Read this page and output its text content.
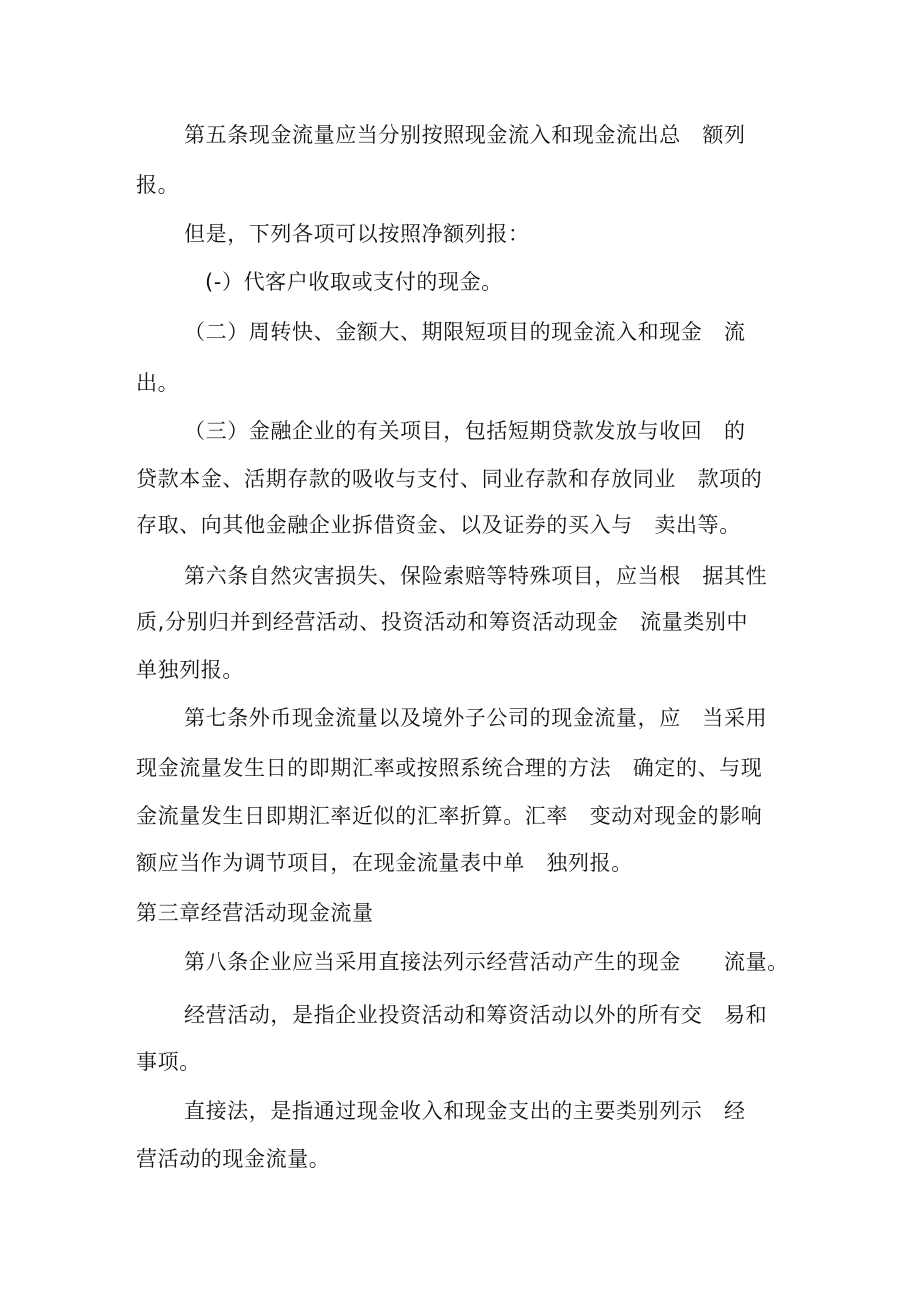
第五条现金流量应当分别按照现金流入和现金流出总　额列
报。
但是，下列各项可以按照净额列报：
(-）代客户收取或支付的现金。
（二）周转快、金额大、期限短项目的现金流入和现金　流
出。
（三）金融企业的有关项目，包括短期贷款发放与收回　的
贷款本金、活期存款的吸收与支付、同业存款和存放同业　款项的
存取、向其他金融企业拆借资金、以及证券的买入与　卖出等。
第六条自然灾害损失、保险索赔等特殊项目，应当根　据其性
质,分别归并到经营活动、投资活动和筹资活动现金　流量类别中
单独列报。
第七条外币现金流量以及境外子公司的现金流量，应　当采用
现金流量发生日的即期汇率或按照系统合理的方法　确定的、与现
金流量发生日即期汇率近似的汇率折算。汇率　变动对现金的影响
额应当作为调节项目，在现金流量表中单　独列报。
第三章经营活动现金流量
第八条企业应当采用直接法列示经营活动产生的现金　　流量。
经营活动，是指企业投资活动和筹资活动以外的所有交　易和
事项。
直接法，是指通过现金收入和现金支出的主要类别列示　经
营活动的现金流量。
